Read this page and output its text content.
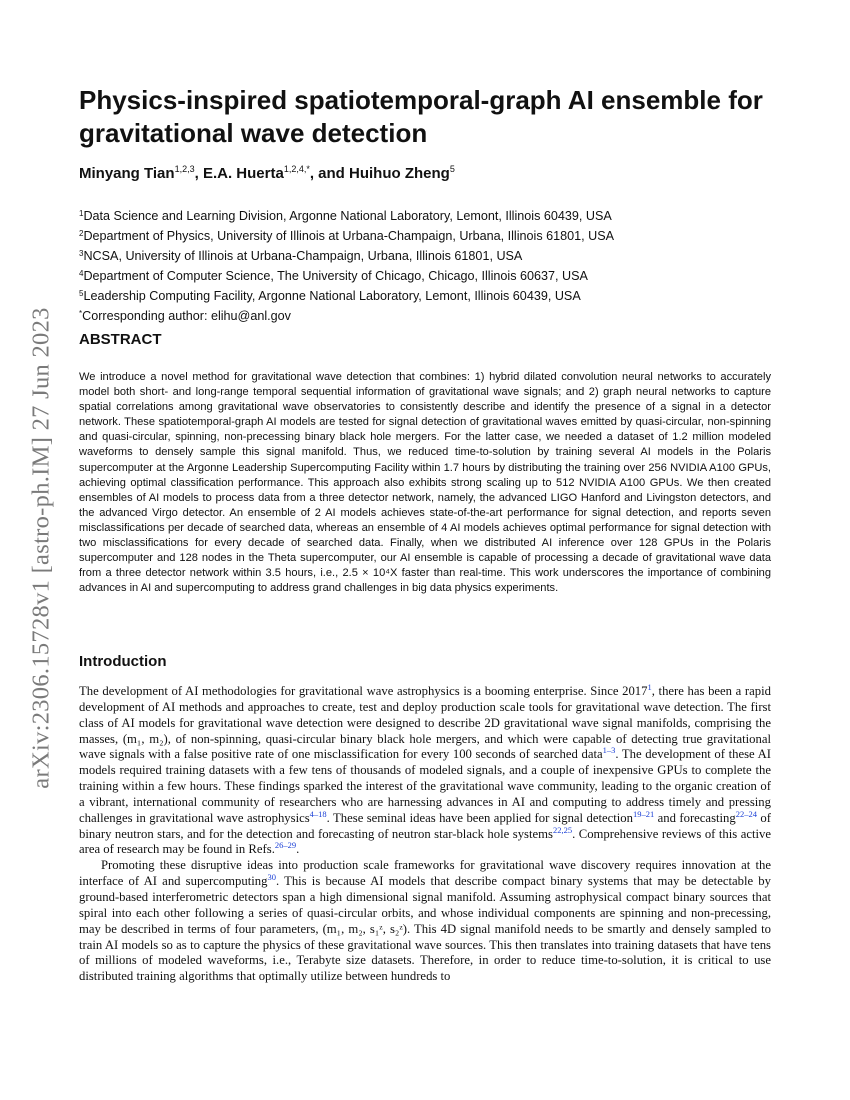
arXiv:2306.15728v1 [astro-ph.IM] 27 Jun 2023
Physics-inspired spatiotemporal-graph AI ensemble for gravitational wave detection

Minyang Tian$^{1,2,3}$, E.A. Huerta$^{1,2,4,*}$, and Huihuo Zheng$^5$

$^1$Data Science and Learning Division, Argonne National Laboratory, Lemont, Illinois 60439, USA
$^2$Department of Physics, University of Illinois at Urbana-Champaign, Urbana, Illinois 61801, USA
$^3$NCSA, University of Illinois at Urbana-Champaign, Urbana, Illinois 61801, USA
$^4$Department of Computer Science, The University of Chicago, Chicago, Illinois 60637, USA
$^5$Leadership Computing Facility, Argonne National Laboratory, Lemont, Illinois 60439, USA
*Corresponding author: elihu@anl.gov
ABSTRACT

We introduce a novel method for gravitational wave detection that combines: 1) hybrid dilated convolution neural networks to accurately model both short- and long-range temporal sequential information of gravitational wave signals; and 2) graph neural networks to capture spatial correlations among gravitational wave observatories to consistently describe and identify the presence of a signal in a detector network. These spatiotemporal-graph AI models are tested for signal detection of gravitational waves emitted by quasi-circular, non-spinning and quasi-circular, spinning, non-precessing binary black hole mergers. For the latter case, we needed a dataset of 1.2 million modeled waveforms to densely sample this signal manifold. Thus, we reduced time-to-solution by training several AI models in the Polaris supercomputer at the Argonne Leadership Supercomputing Facility within 1.7 hours by distributing the training over 256 NVIDIA A100 GPUs, achieving optimal classification performance. This approach also exhibits strong scaling up to 512 NVIDIA A100 GPUs. We then created ensembles of AI models to process data from a three detector network, namely, the advanced LIGO Hanford and Livingston detectors, and the advanced Virgo detector. An ensemble of 2 AI models achieves state-of-the-art performance for signal detection, and reports seven misclassifications per decade of searched data, whereas an ensemble of 4 AI models achieves optimal performance for signal detection with two misclassifications for every decade of searched data. Finally, when we distributed AI inference over 128 GPUs in the Polaris supercomputer and 128 nodes in the Theta supercomputer, our AI ensemble is capable of processing a decade of gravitational wave data from a three detector network within 3.5 hours, i.e., 2.5 × 10⁴X faster than real-time. This work underscores the importance of combining advances in AI and supercomputing to address grand challenges in big data physics experiments.

Introduction

The development of AI methodologies for gravitational wave astrophysics is a booming enterprise. Since 2017$^1$, there has been a rapid development of AI methods and approaches to create, test and deploy production scale tools for gravitational wave detection. The first class of AI models for gravitational wave detection were designed to describe 2D gravitational wave signal manifolds, comprising the masses, (m₁, m₂), of non-spinning, quasi-circular binary black hole mergers, and which were capable of detecting true gravitational wave signals with a false positive rate of one misclassification for every 100 seconds of searched data$^{1-3}$. The development of these AI models required training datasets with a few tens of thousands of modeled signals, and a couple of inexpensive GPUs to complete the training within a few hours. These findings sparked the interest of the gravitational wave community, leading to the organic creation of a vibrant, international community of researchers who are harnessing advances in AI and computing to address timely and pressing challenges in gravitational wave astrophysics$^{4-18}$. These seminal ideas have been applied for signal detection$^{19-21}$ and forecasting$^{22-24}$ of binary neutron stars, and for the detection and forecasting of neutron star-black hole systems$^{22,25}$. Comprehensive reviews of this active area of research may be found in Refs.$^{26-29}$.

Promoting these disruptive ideas into production scale frameworks for gravitational wave discovery requires innovation at the interface of AI and supercomputing$^{30}$. This is because AI models that describe compact binary systems that may be detectable by ground-based interferometric detectors span a high dimensional signal manifold. Assuming astrophysical compact binary sources that spiral into each other following a series of quasi-circular orbits, and whose individual components are spinning and non-precessing, may be described in terms of four parameters, (m₁, m₂, s₁ᶻ, s₂ᶻ). This 4D signal manifold needs to be smartly and densely sampled to train AI models so as to capture the physics of these gravitational wave sources. This then translates into training datasets that have tens of millions of modeled waveforms, i.e., Terabyte size datasets. Therefore, in order to reduce time-to-solution, it is critical to use distributed training algorithms that optimally utilize between hundreds to
